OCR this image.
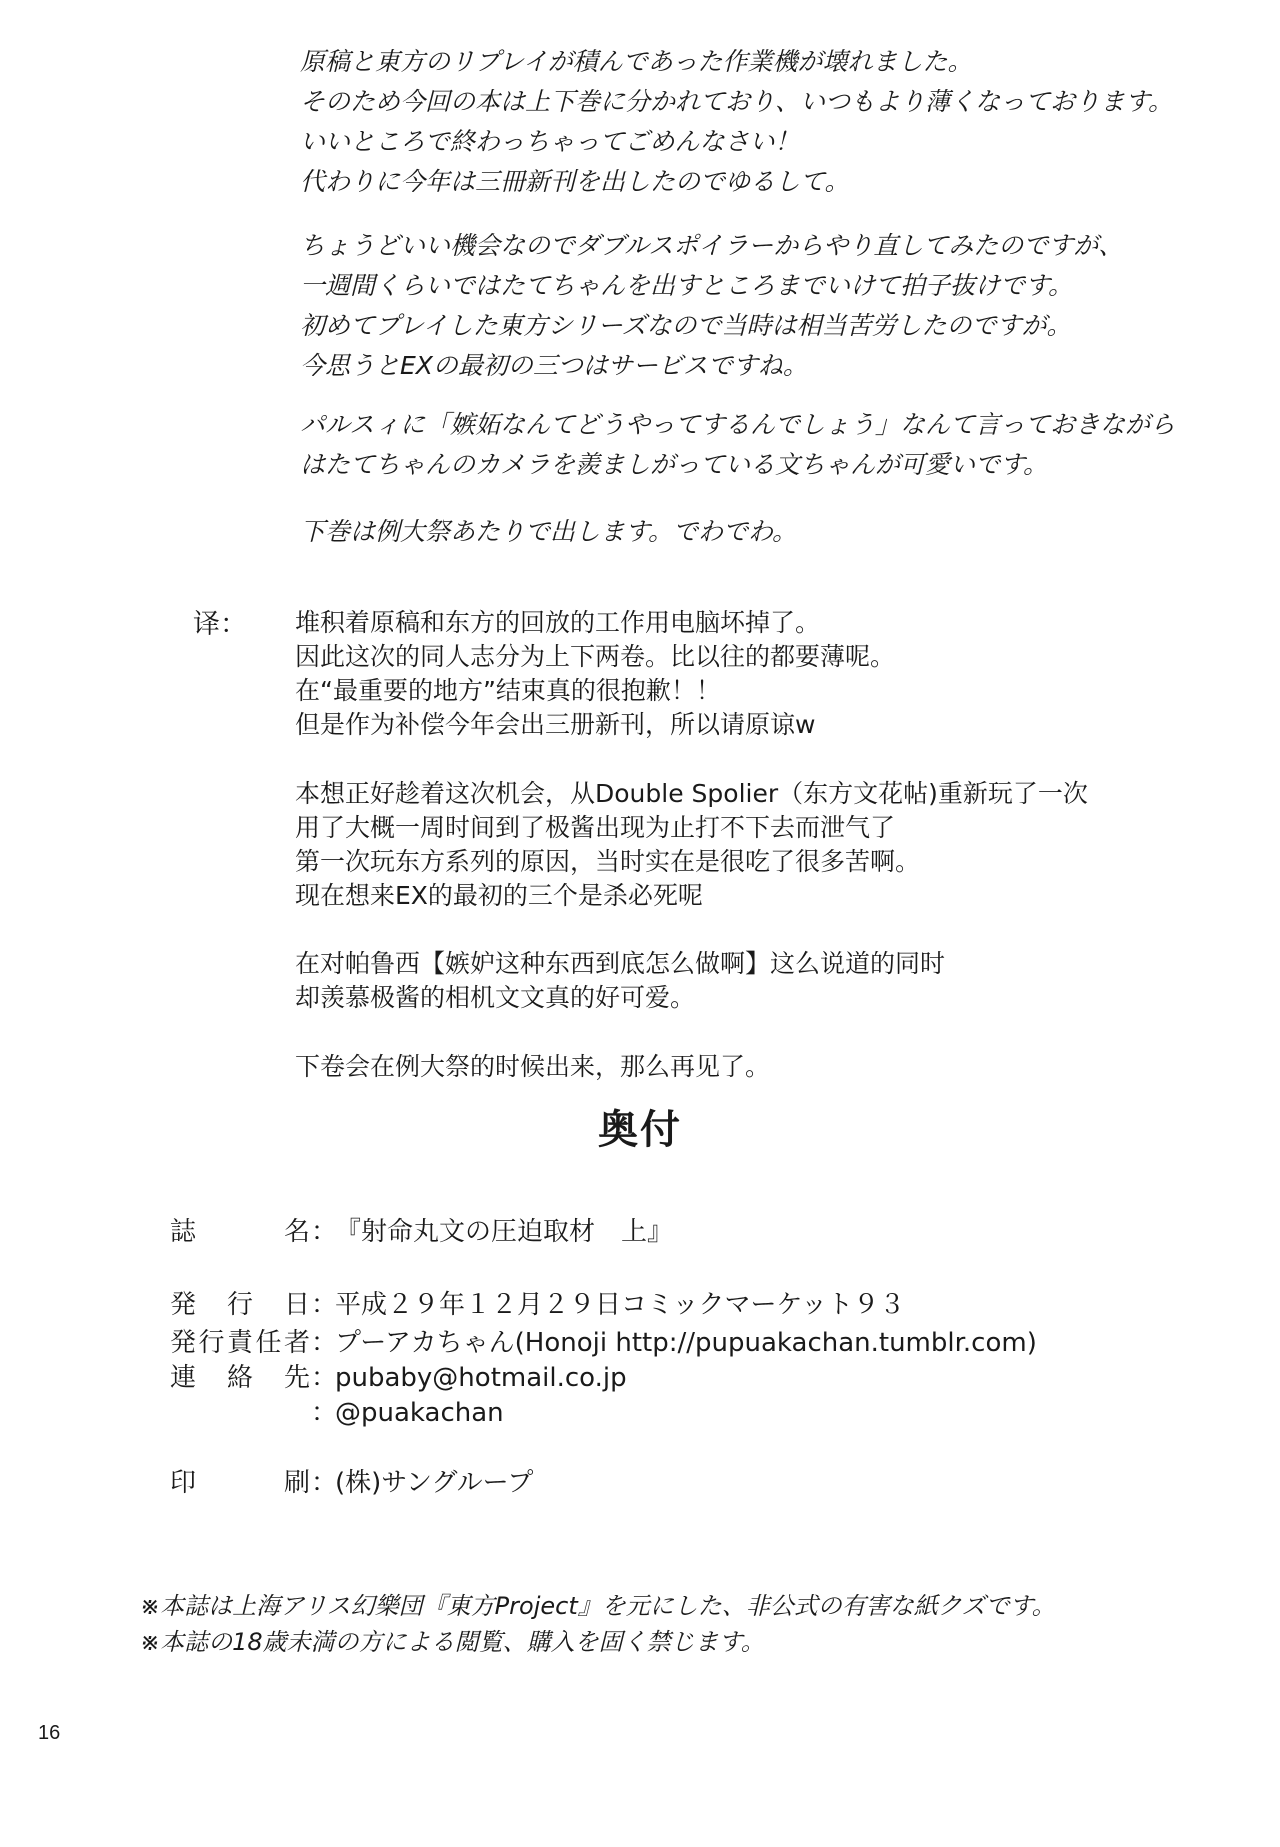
原稿と東方のリプレイが積んであった作業機が壊れました。
そのため今回の本は上下巻に分かれており、いつもより薄くなっております。
いいところで終わっちゃってごめんなさい！
代わりに今年は三冊新刊を出したのでゆるして。
ちょうどいい機会なのでダブルスポイラーからやり直してみたのですが、
一週間くらいではたてちゃんを出すところまでいけて拍子抜けです。
初めてプレイした東方シリーズなので当時は相当苦労したのですが。
今思うとEXの最初の三つはサービスですね。
パルスィに「嫉妬なんてどうやってするんでしょう」なんて言っておきながら
はたてちゃんのカメラを羨ましがっている文ちゃんが可愛いです。
下巻は例大祭あたりで出します。でわでわ。
译： 堆积着原稿和东方的回放的工作用电脑坏掉了。
因此这次的同人志分为上下两卷。比以往的都要薄呢。
在“最重要的地方”结束真的很抱歉！！
但是作为补偿今年会出三册新刊，所以请原谅w
本想正好趁着这次机会，从Double Spolier（东方文花帖)重新玩了一次
用了大概一周时间到了极酱出现为止打不下去而泄气了
第一次玩东方系列的原因，当时实在是很吃了很多苦啊。
现在想来EX的最初的三个是杀必死呢
在对帕鲁西【嫉妒这种东西到底怎么做啊】这么说道的同时
却羡慕极酱的相机文文真的好可爱。
下卷会在例大祭的时候出来，那么再见了。
奥付
誌　　名 ：
『射命丸文の圧迫取材　上』
発　行　日 ：
平成２９年１２月２９日コミックマーケット９３
発行責任者 ：
プーアカちゃん(Honoji http://pupuakachan.tumblr.com)
連　絡　先 ：
pubaby@hotmail.co.jp
：
@puakachan
印　　　刷 ：
(株)サングループ
※本誌は上海アリス幻樂団『東方Project』を元にした、非公式の有害な紙クズです。
※本誌の18歳未満の方による閲覧、購入を固く禁じます。
16
